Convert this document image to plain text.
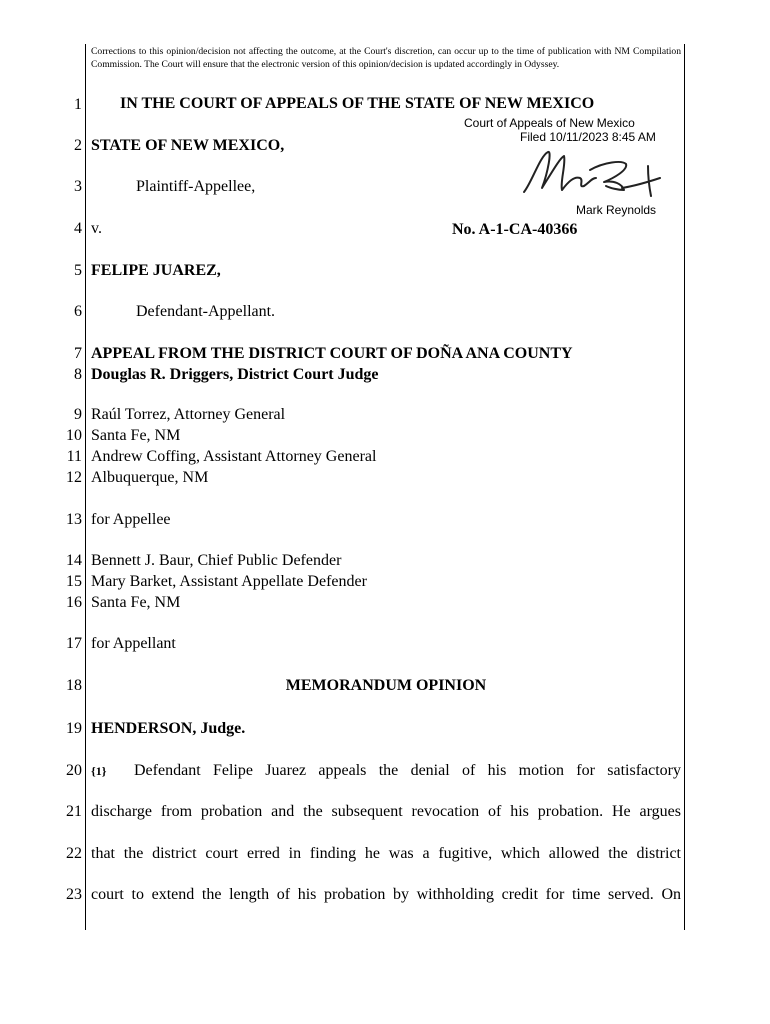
Corrections to this opinion/decision not affecting the outcome, at the Court's discretion, can occur up to the time of publication with NM Compilation Commission. The Court will ensure that the electronic version of this opinion/decision is updated accordingly in Odyssey.
1
2
3
4
5
6
7
8
9
10
11
12
13
14
15
16
17
18
19
20
21
22
23
IN THE COURT OF APPEALS OF THE STATE OF NEW MEXICO
Court of Appeals of New Mexico
Filed 10/11/2023 8:45 AM
Mark Reynolds
STATE OF NEW MEXICO,
Plaintiff-Appellee,
v.	No. A-1-CA-40366
FELIPE JUAREZ,
Defendant-Appellant.
APPEAL FROM THE DISTRICT COURT OF DOÑA ANA COUNTY
Douglas R. Driggers, District Court Judge
Raúl Torrez, Attorney General
Santa Fe, NM
Andrew Coffing, Assistant Attorney General
Albuquerque, NM
for Appellee
Bennett J. Baur, Chief Public Defender
Mary Barket, Assistant Appellate Defender
Santa Fe, NM
for Appellant
MEMORANDUM OPINION
HENDERSON, Judge.
{1} Defendant Felipe Juarez appeals the denial of his motion for satisfactory
discharge from probation and the subsequent revocation of his probation. He argues
that the district court erred in finding he was a fugitive, which allowed the district
court to extend the length of his probation by withholding credit for time served. On
